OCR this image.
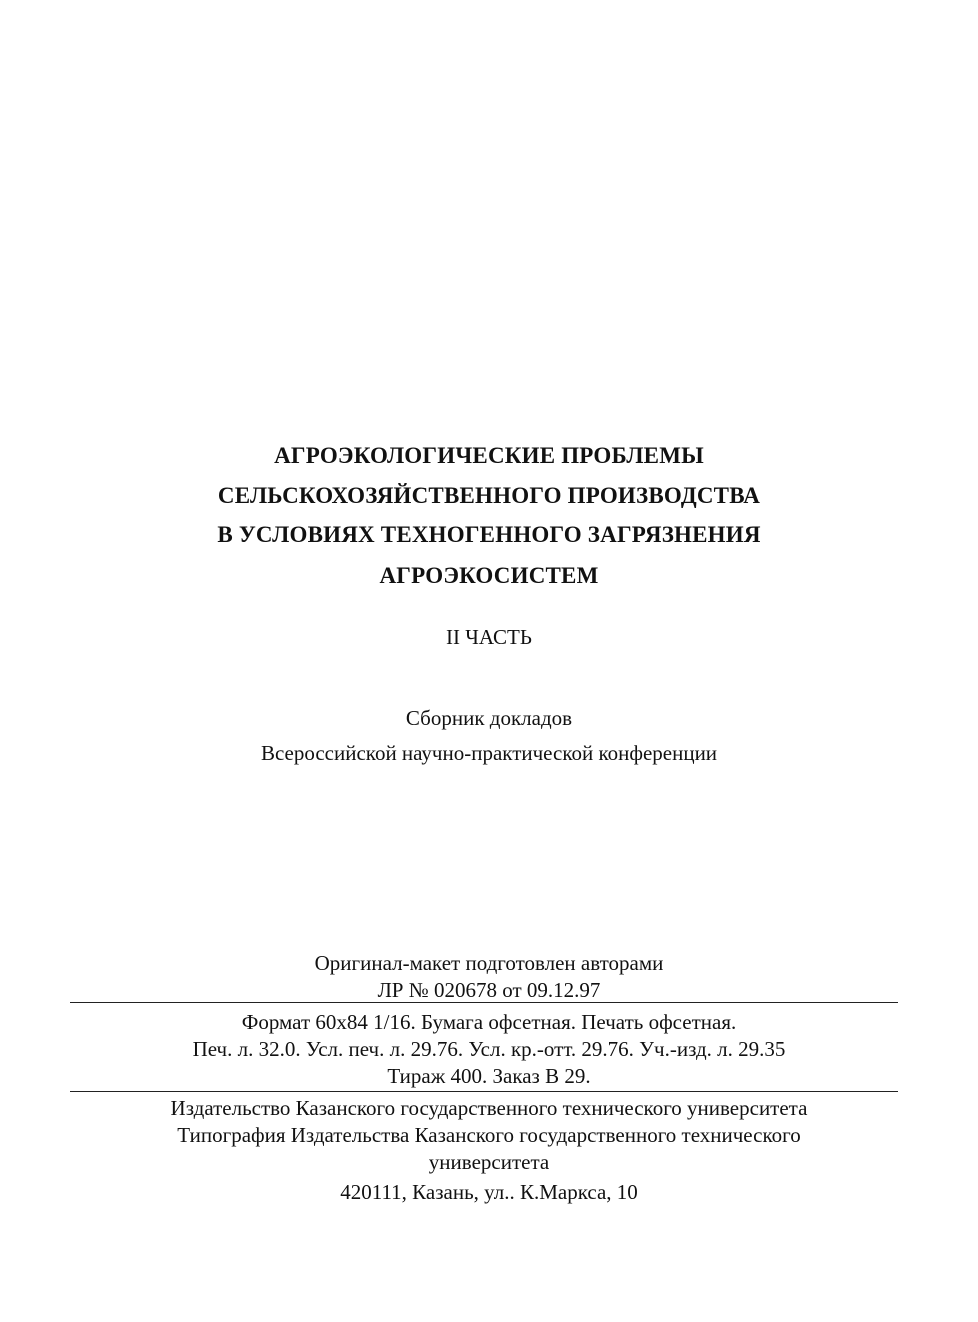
АГРОЭКОЛОГИЧЕСКИЕ ПРОБЛЕМЫ
СЕЛЬСКОХОЗЯЙСТВЕННОГО ПРОИЗВОДСТВА
В УСЛОВИЯХ ТЕХНОГЕННОГО ЗАГРЯЗНЕНИЯ
АГРОЭКОСИСТЕМ
II ЧАСТЬ
Сборник докладов
Всероссийской научно-практической конференции
Оригинал-макет подготовлен авторами
ЛР № 020678 от 09.12.97
Формат 60х84 1/16. Бумага офсетная. Печать офсетная.
Печ. л. 32.0. Усл. печ. л. 29.76. Усл. кр.-отт. 29.76. Уч.-изд. л. 29.35
Тираж 400. Заказ В 29.
Издательство Казанского государственного технического университета
Типография Издательства Казанского государственного технического
университета
420111, Казань, ул.. К.Маркса, 10
